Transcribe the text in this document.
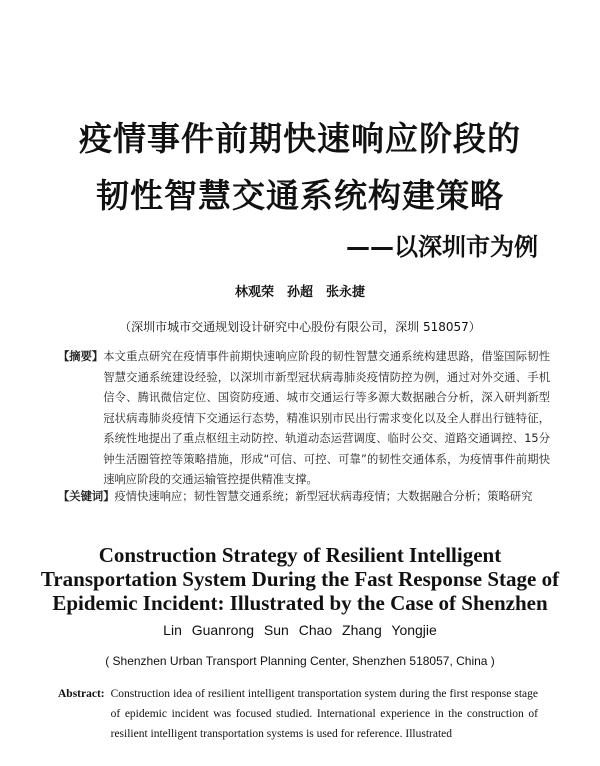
疫情事件前期快速响应阶段的
韧性智慧交通系统构建策略
——以深圳市为例
林观荣　孙超　张永捷
（深圳市城市交通规划设计研究中心股份有限公司，深圳 518057）
【摘要】 本文重点研究在疫情事件前期快速响应阶段的韧性智慧交通系统构建思路，借鉴国际韧性智慧交通系统建设经验，以深圳市新型冠状病毒肺炎疫情防控为例，通过对外交通、手机信令、腾讯微信定位、国资防疫通、城市交通运行等多源大数据融合分析，深入研判新型冠状病毒肺炎疫情下交通运行态势，精准识别市民出行需求变化以及全人群出行链特征，系统性地提出了重点枢纽主动防控、轨道动态运营调度、临时公交、道路交通调控、15分钟生活圈管控等策略措施，形成“可信、可控、可靠”的韧性交通体系，为疫情事件前期快速响应阶段的交通运输管控提供精准支撑。
【关键词】 疫情快速响应；韧性智慧交通系统；新型冠状病毒疫情；大数据融合分析；策略研究
Construction Strategy of Resilient Intelligent
Transportation System During the Fast Response Stage of
Epidemic Incident: Illustrated by the Case of Shenzhen
Lin Guanrong Sun Chao Zhang Yongjie
( Shenzhen Urban Transport Planning Center, Shenzhen 518057, China )
Abstract: Construction idea of resilient intelligent transportation system during the first response stage of epidemic incident was focused studied. International experience in the construction of resilient intelligent transportation systems is used for reference. Illustrated
